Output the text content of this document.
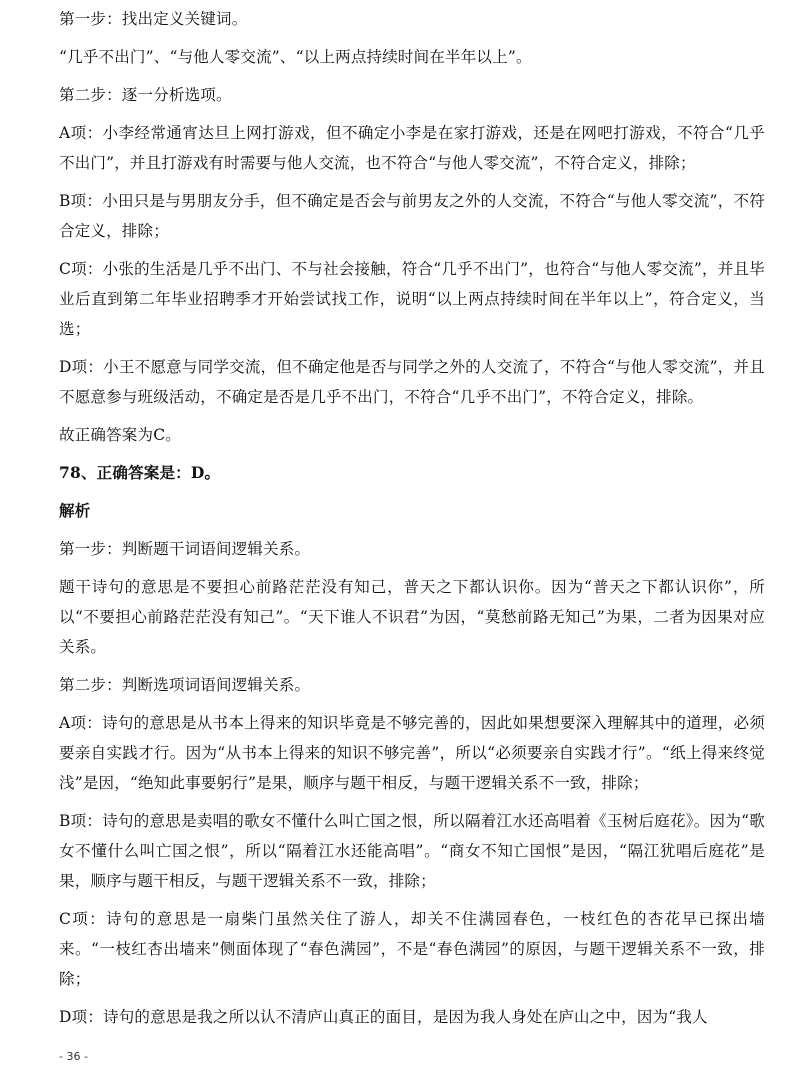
第一步：找出定义关键词。

“几乎不出门”、“与他人零交流”、“以上两点持续时间在半年以上”。

第二步：逐一分析选项。

A项：小李经常通宵达旦上网打游戏，但不确定小李是在家打游戏，还是在网吧打游戏，不符合“几乎不出门”，并且打游戏有时需要与他人交流，也不符合“与他人零交流”，不符合定义，排除；

B项：小田只是与男朋友分手，但不确定是否会与前男友之外的人交流，不符合“与他人零交流”，不符合定义，排除；

C项：小张的生活是几乎不出门、不与社会接触，符合“几乎不出门”，也符合“与他人零交流”，并且毕业后直到第二年毕业招聘季才开始尝试找工作，说明“以上两点持续时间在半年以上”，符合定义，当选；

D项：小王不愿意与同学交流，但不确定他是否与同学之外的人交流了，不符合“与他人零交流”，并且不愿意参与班级活动，不确定是否是几乎不出门，不符合“几乎不出门”，不符合定义，排除。

故正确答案为C。

78、正确答案是：D。

解析

第一步：判断题干词语间逻辑关系。

题干诗句的意思是不要担心前路茫茫没有知己，普天之下都认识你。因为“普天之下都认识你”，所以“不要担心前路茫茫没有知己”。“天下谁人不识君”为因，“莫愁前路无知己”为果，二者为因果对应关系。

第二步：判断选项词语间逻辑关系。

A项：诗句的意思是从书本上得来的知识毕竟是不够完善的，因此如果想要深入理解其中的道理，必须要亲自实践才行。因为“从书本上得来的知识不够完善”，所以“必须要亲自实践才行”。“纸上得来终觉浅”是因，“绝知此事要躬行”是果，顺序与题干相反，与题干逻辑关系不一致，排除；

B项：诗句的意思是卖唱的歌女不懂什么叫亡国之恨，所以隔着江水还高唱着《玉树后庭花》。因为“歌女不懂什么叫亡国之恨”，所以“隔着江水还能高唱”。“商女不知亡国恨”是因，“隔江犹唱后庭花”是果，顺序与题干相反，与题干逻辑关系不一致，排除；

C项：诗句的意思是一扇柴门虽然关住了游人，却关不住满园春色，一枝红色的杏花早已探出墙来。“一枝红杏出墙来”侧面体现了“春色满园”，不是“春色满园”的原因，与题干逻辑关系不一致，排除；

D项：诗句的意思是我之所以认不清庐山真正的面目，是因为我人身处在庐山之中，因为“我人

- 36 -
